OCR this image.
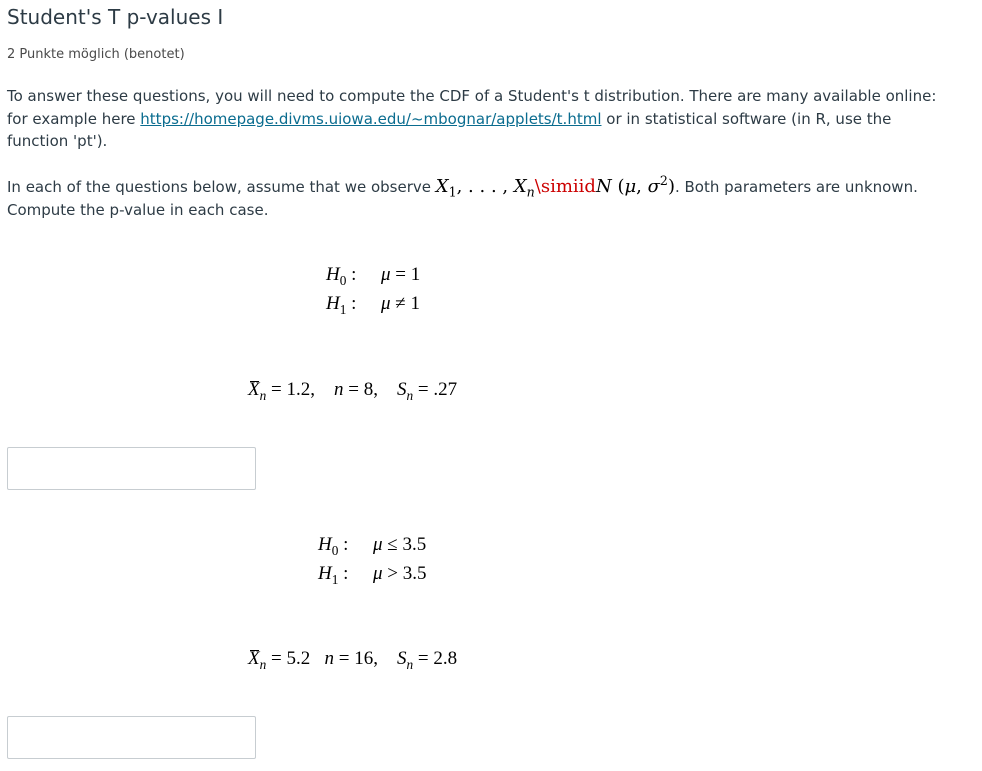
Student's T p-values I
2 Punkte möglich (benotet)

To answer these questions, you will need to compute the CDF of a Student's t distribution. There are many available online: for example here https://homepage.divms.uiowa.edu/~mbognar/applets/t.html or in statistical software (in R, use the function 'pt').

In each of the questions below, assume that we observe $X_1$, . . . , $X_n\backslash simiidN$ (μ, $\sigma^2$). Both parameters are unknown. Compute the p-value in each case.

$H_0$ :	μ = 1
$H_1$ :	μ ≠ 1
$X_n = 1.2$, n = 8, $S_n = .27$
$H_0$ :	μ ≤ 3.5
$H_1$ :	μ > 3.5
$X_n = 5.2$ n = 16, $S_n = 2.8$
